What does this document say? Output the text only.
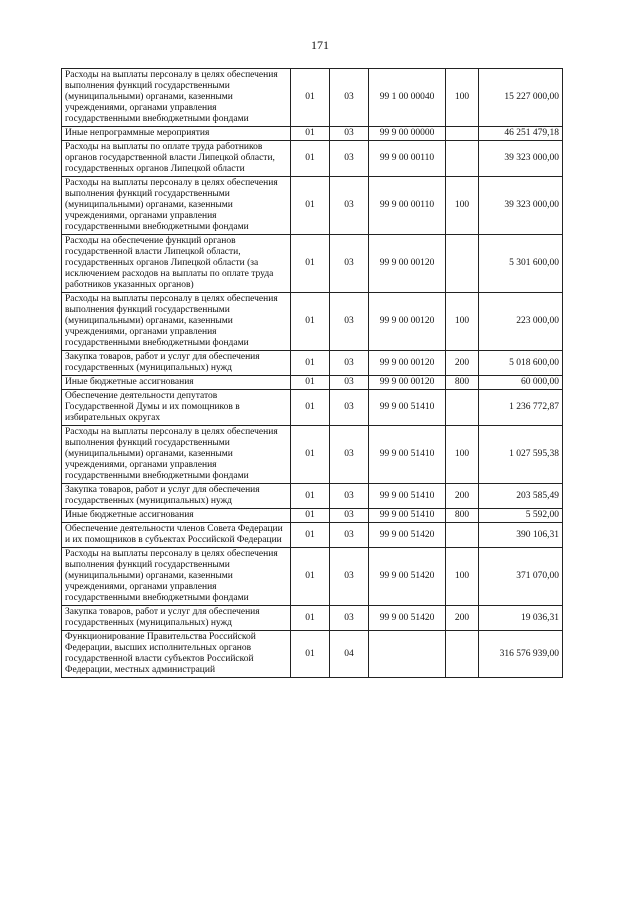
171
Расходы на выплаты персоналу в целях обеспечения выполнения функций государственными (муниципальными) органами, казенными учреждениями, органами управления государственными внебюджетными фондами	01	03	99 1 00 00040	100	15 227 000,00
Иные непрограммные мероприятия	01	03	99 9 00 00000		46 251 479,18
Расходы на выплаты по оплате труда работников органов государственной власти Липецкой области, государственных органов Липецкой области	01	03	99 9 00 00110		39 323 000,00
Расходы на выплаты персоналу в целях обеспечения выполнения функций государственными (муниципальными) органами, казенными учреждениями, органами управления государственными внебюджетными фондами	01	03	99 9 00 00110	100	39 323 000,00
Расходы на обеспечение функций органов государственной власти Липецкой области, государственных органов Липецкой области (за исключением расходов на выплаты по оплате труда работников указанных органов)	01	03	99 9 00 00120		5 301 600,00
Расходы на выплаты персоналу в целях обеспечения выполнения функций государственными (муниципальными) органами, казенными учреждениями, органами управления государственными внебюджетными фондами	01	03	99 9 00 00120	100	223 000,00
Закупка товаров, работ и услуг для обеспечения государственных (муниципальных) нужд	01	03	99 9 00 00120	200	5 018 600,00
Иные бюджетные ассигнования	01	03	99 9 00 00120	800	60 000,00
Обеспечение деятельности депутатов Государственной Думы и их помощников в избирательных округах	01	03	99 9 00 51410		1 236 772,87
Расходы на выплаты персоналу в целях обеспечения выполнения функций государственными (муниципальными) органами, казенными учреждениями, органами управления государственными внебюджетными фондами	01	03	99 9 00 51410	100	1 027 595,38
Закупка товаров, работ и услуг для обеспечения государственных (муниципальных) нужд	01	03	99 9 00 51410	200	203 585,49
Иные бюджетные ассигнования	01	03	99 9 00 51410	800	5 592,00
Обеспечение деятельности членов Совета Федерации и их помощников в субъектах Российской Федерации	01	03	99 9 00 51420		390 106,31
Расходы на выплаты персоналу в целях обеспечения выполнения функций государственными (муниципальными) органами, казенными учреждениями, органами управления государственными внебюджетными фондами	01	03	99 9 00 51420	100	371 070,00
Закупка товаров, работ и услуг для обеспечения государственных (муниципальных) нужд	01	03	99 9 00 51420	200	19 036,31
Функционирование Правительства Российской Федерации, высших исполнительных органов государственной власти субъектов Российской Федерации, местных администраций	01	04			316 576 939,00
